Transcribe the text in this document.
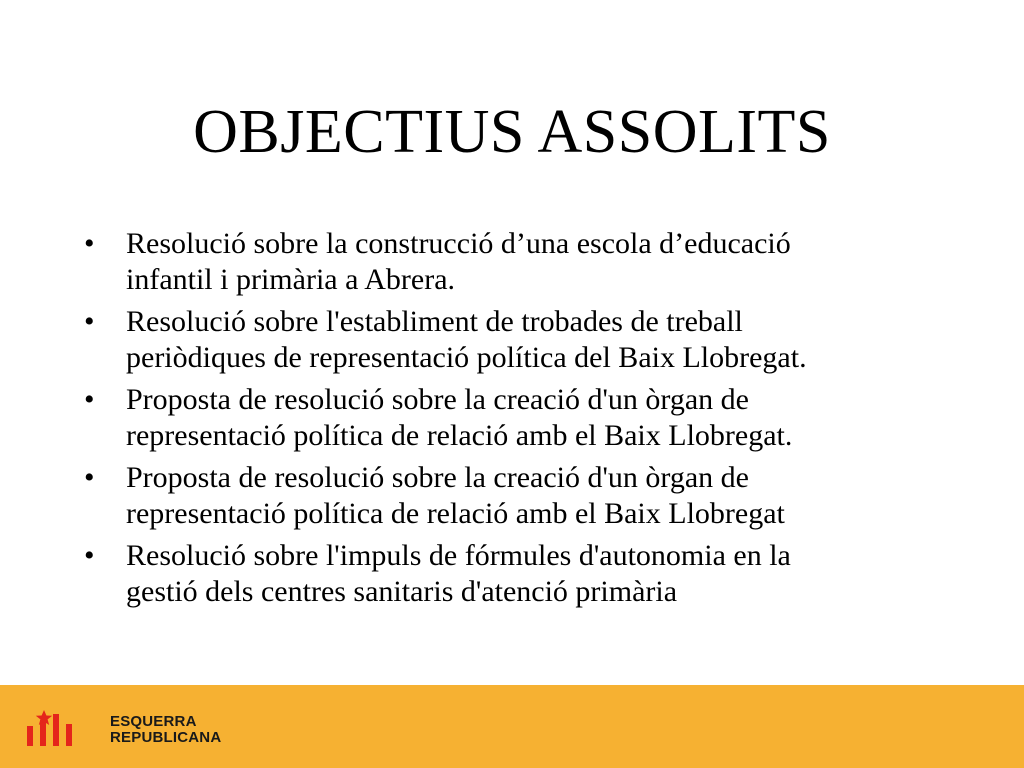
OBJECTIUS ASSOLITS
•	Resolució sobre la construcció d’una escola d’educació
infantil i primària a Abrera.
•	Resolució sobre l'establiment de trobades de treball
periòdiques de representació política del Baix Llobregat.
•	Proposta de resolució sobre la creació d'un òrgan de
representació política de relació amb el Baix Llobregat.
•	Proposta de resolució sobre la creació d'un òrgan de
representació política de relació amb el Baix Llobregat
•	Resolució sobre l'impuls de fórmules d'autonomia en la
gestió dels centres sanitaris d'atenció primària
ESQUERRA
REPUBLICANA
